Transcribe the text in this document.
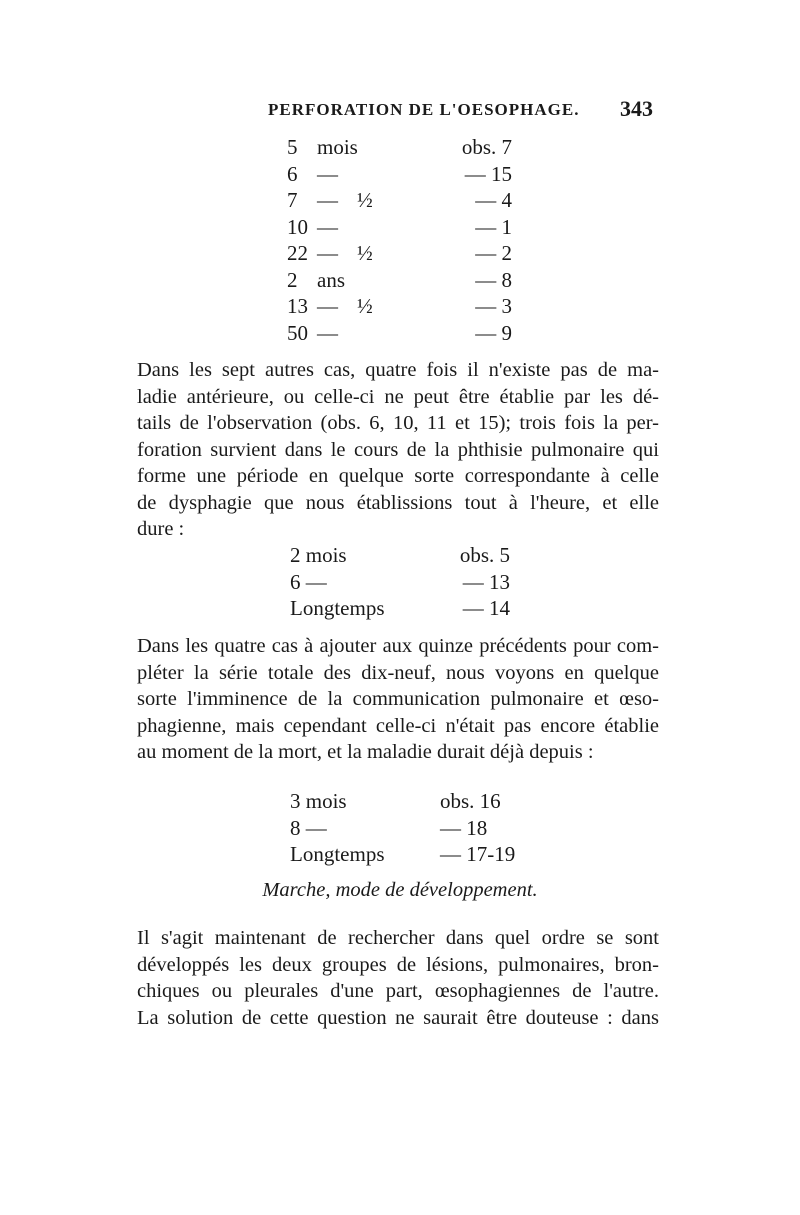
PERFORATION DE L'OESOPHAGE. 343
5 mois	obs. 7
6 —	— 15
7 — ½	— 4
10 —	— 1
22 — ½	— 2
2 ans	— 8
13 — ½	— 3
50 —	— 9
Dans les sept autres cas, quatre fois il n'existe pas de ma-
ladie antérieure, ou celle-ci ne peut être établie par les dé-
tails de l'observation (obs. 6, 10, 11 et 15); trois fois la per-
foration survient dans le cours de la phthisie pulmonaire qui
forme une période en quelque sorte correspondante à celle
de dysphagie que nous établissions tout à l'heure, et elle
dure :
2 mois	obs. 5
6 —	— 13
Longtemps	— 14
Dans les quatre cas à ajouter aux quinze précédents pour com-
pléter la série totale des dix-neuf, nous voyons en quelque
sorte l'imminence de la communication pulmonaire et œso-
phagienne, mais cependant celle-ci n'était pas encore établie
au moment de la mort, et la maladie durait déjà depuis :
3 mois	obs. 16
8 —	— 18
Longtemps	— 17-19
Marche, mode de développement.
Il s'agit maintenant de rechercher dans quel ordre se sont
développés les deux groupes de lésions, pulmonaires, bron-
chiques ou pleurales d'une part, œsophagiennes de l'autre.
La solution de cette question ne saurait être douteuse : dans
